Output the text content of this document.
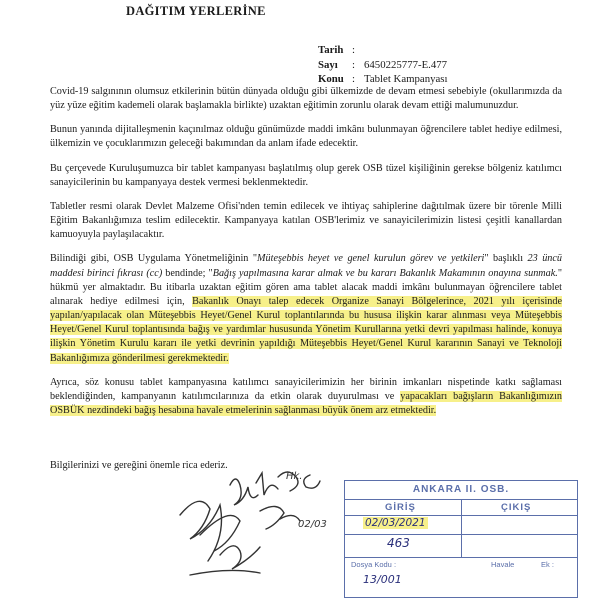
DAĞITIM YERLERİNE
Tarih :
Sayı	: 6450225777-E.477
Konu : Tablet Kampanyası

Covid-19 salgınının olumsuz etkilerinin bütün dünyada olduğu gibi ülkemizde de devam etmesi sebebiyle (okullarımızda da yüz yüze eğitim kademeli olarak başlamakla birlikte) uzaktan eğitimin zorunlu olarak devam ettiği malumunuzdur.

Bunun yanında dijitalleşmenin kaçınılmaz olduğu günümüzde maddi imkânı bulunmayan öğrencilere tablet hediye edilmesi, ülkemizin ve çocuklarımızın geleceği bakımından da anlam ifade edecektir.

Bu çerçevede Kuruluşumuzca bir tablet kampanyası başlatılmış olup gerek OSB tüzel kişiliğinin gerekse bölgeniz katılımcı sanayicilerinin bu kampanyaya destek vermesi beklenmektedir.

Tabletler resmi olarak Devlet Malzeme Ofisi'nden temin edilecek ve ihtiyaç sahiplerine dağıtılmak üzere bir törenle Milli Eğitim Bakanlığımıza teslim edilecektir. Kampanyaya katılan OSB'lerimiz ve sanayicilerimizin listesi çeşitli kanallardan kamuoyuyla paylaşılacaktır.

Bilindiği gibi, OSB Uygulama Yönetmeliğinin "Müteşebbis heyet ve genel kurulun görev ve yetkileri" başlıklı 23 üncü maddesi birinci fıkrası (cc) bendinde; "Bağış yapılmasına karar almak ve bu kararı Bakanlık Makamının onayına sunmak." hükmü yer almaktadır. Bu itibarla uzaktan eğitim gören ama tablet alacak maddi imkânı bulunmayan öğrencilere tablet alınarak hediye edilmesi için, Bakanlık Onayı talep edecek Organize Sanayi Bölgelerince, 2021 yılı içerisinde yapılan/yapılacak olan Müteşebbis Heyet/Genel Kurul toplantılarında bu hususa ilişkin karar alınması veya Müteşebbis Heyet/Genel Kurul toplantısında bağış ve yardımlar hususunda Yönetim Kurullarına yetki devri yapılması halinde, konuya ilişkin Yönetim Kurulu kararı ile yetki devrinin yapıldığı Müteşebbis Heyet/Genel Kurul kararının Sanayi ve Teknoloji Bakanlığımıza gönderilmesi gerekmektedir.

Ayrıca, söz konusu tablet kampanyasına katılımcı sanayicilerimizin her birinin imkanları nispetinde katkı sağlaması beklendiğinden, kampanyanın katılımcılarınıza da etkin olarak duyurulması ve yapacakları bağışların Bakanlığımızın OSBÜK nezdindeki bağış hesabına havale etmelerinin sağlanması büyük önem arz etmektedir.

Bilgilerinizi ve gereğini önemle rica ederiz.
02/03
Hk.
ANKARA II. OSB.
GİRİŞ	ÇIKIŞ
02/03/2021
463
Dosya Kodu :
13/001
Havale	Ek :
